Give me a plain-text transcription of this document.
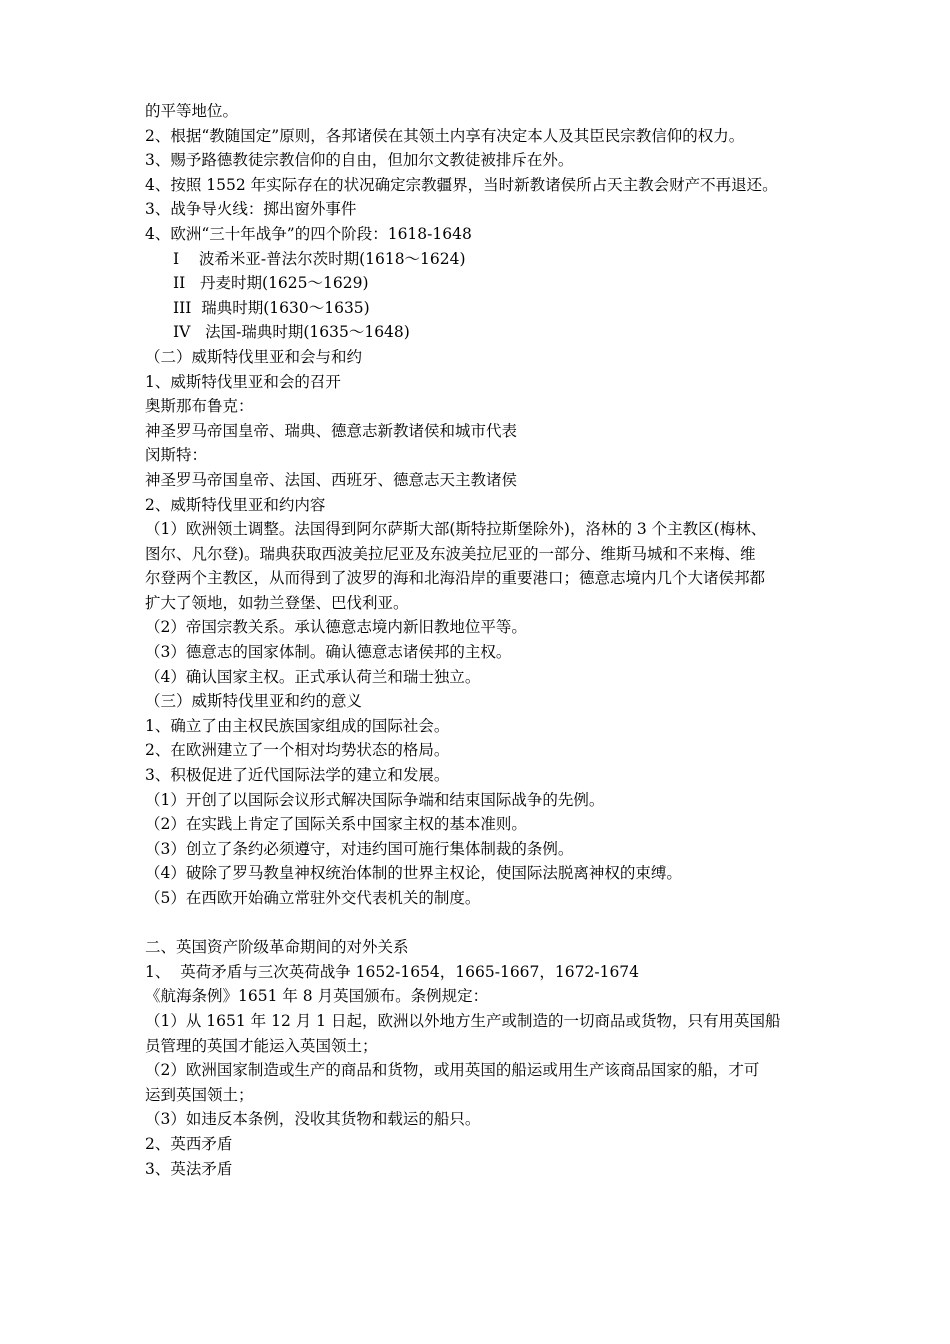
的平等地位。
2、根据“教随国定”原则，各邦诸侯在其领土内享有决定本人及其臣民宗教信仰的权力。
3、赐予路德教徒宗教信仰的自由，但加尔文教徒被排斥在外。
4、按照 1552 年实际存在的状况确定宗教疆界，当时新教诸侯所占天主教会财产不再退还。
3、战争导火线：掷出窗外事件
4、欧洲“三十年战争”的四个阶段：1618-1648
I    波希米亚-普法尔茨时期(1618～1624)
II   丹麦时期(1625～1629)
III  瑞典时期(1630～1635)
IV   法国-瑞典时期(1635～1648)
（二）威斯特伐里亚和会与和约
1、威斯特伐里亚和会的召开
奥斯那布鲁克：
神圣罗马帝国皇帝、瑞典、德意志新教诸侯和城市代表
闵斯特：
神圣罗马帝国皇帝、法国、西班牙、德意志天主教诸侯
2、威斯特伐里亚和约内容
（1）欧洲领土调整。法国得到阿尔萨斯大部(斯特拉斯堡除外)，洛林的 3 个主教区(梅林、
图尔、凡尔登)。瑞典获取西波美拉尼亚及东波美拉尼亚的一部分、维斯马城和不来梅、维
尔登两个主教区，从而得到了波罗的海和北海沿岸的重要港口；德意志境内几个大诸侯邦都
扩大了领地，如勃兰登堡、巴伐利亚。
（2）帝国宗教关系。承认德意志境内新旧教地位平等。
（3）德意志的国家体制。确认德意志诸侯邦的主权。
（4）确认国家主权。正式承认荷兰和瑞士独立。
（三）威斯特伐里亚和约的意义
1、确立了由主权民族国家组成的国际社会。
2、在欧洲建立了一个相对均势状态的格局。
3、积极促进了近代国际法学的建立和发展。
（1）开创了以国际会议形式解决国际争端和结束国际战争的先例。
（2）在实践上肯定了国际关系中国家主权的基本准则。
（3）创立了条约必须遵守，对违约国可施行集体制裁的条例。
（4）破除了罗马教皇神权统治体制的世界主权论，使国际法脱离神权的束缚。
（5）在西欧开始确立常驻外交代表机关的制度。
二、英国资产阶级革命期间的对外关系
1、  英荷矛盾与三次英荷战争 1652-1654，1665-1667，1672-1674
《航海条例》1651 年 8 月英国颁布。条例规定：
（1）从 1651 年 12 月 1 日起，欧洲以外地方生产或制造的一切商品或货物，只有用英国船
员管理的英国才能运入英国领土；
（2）欧洲国家制造或生产的商品和货物，或用英国的船运或用生产该商品国家的船，才可
运到英国领土；
（3）如违反本条例，没收其货物和载运的船只。
2、英西矛盾
3、英法矛盾
